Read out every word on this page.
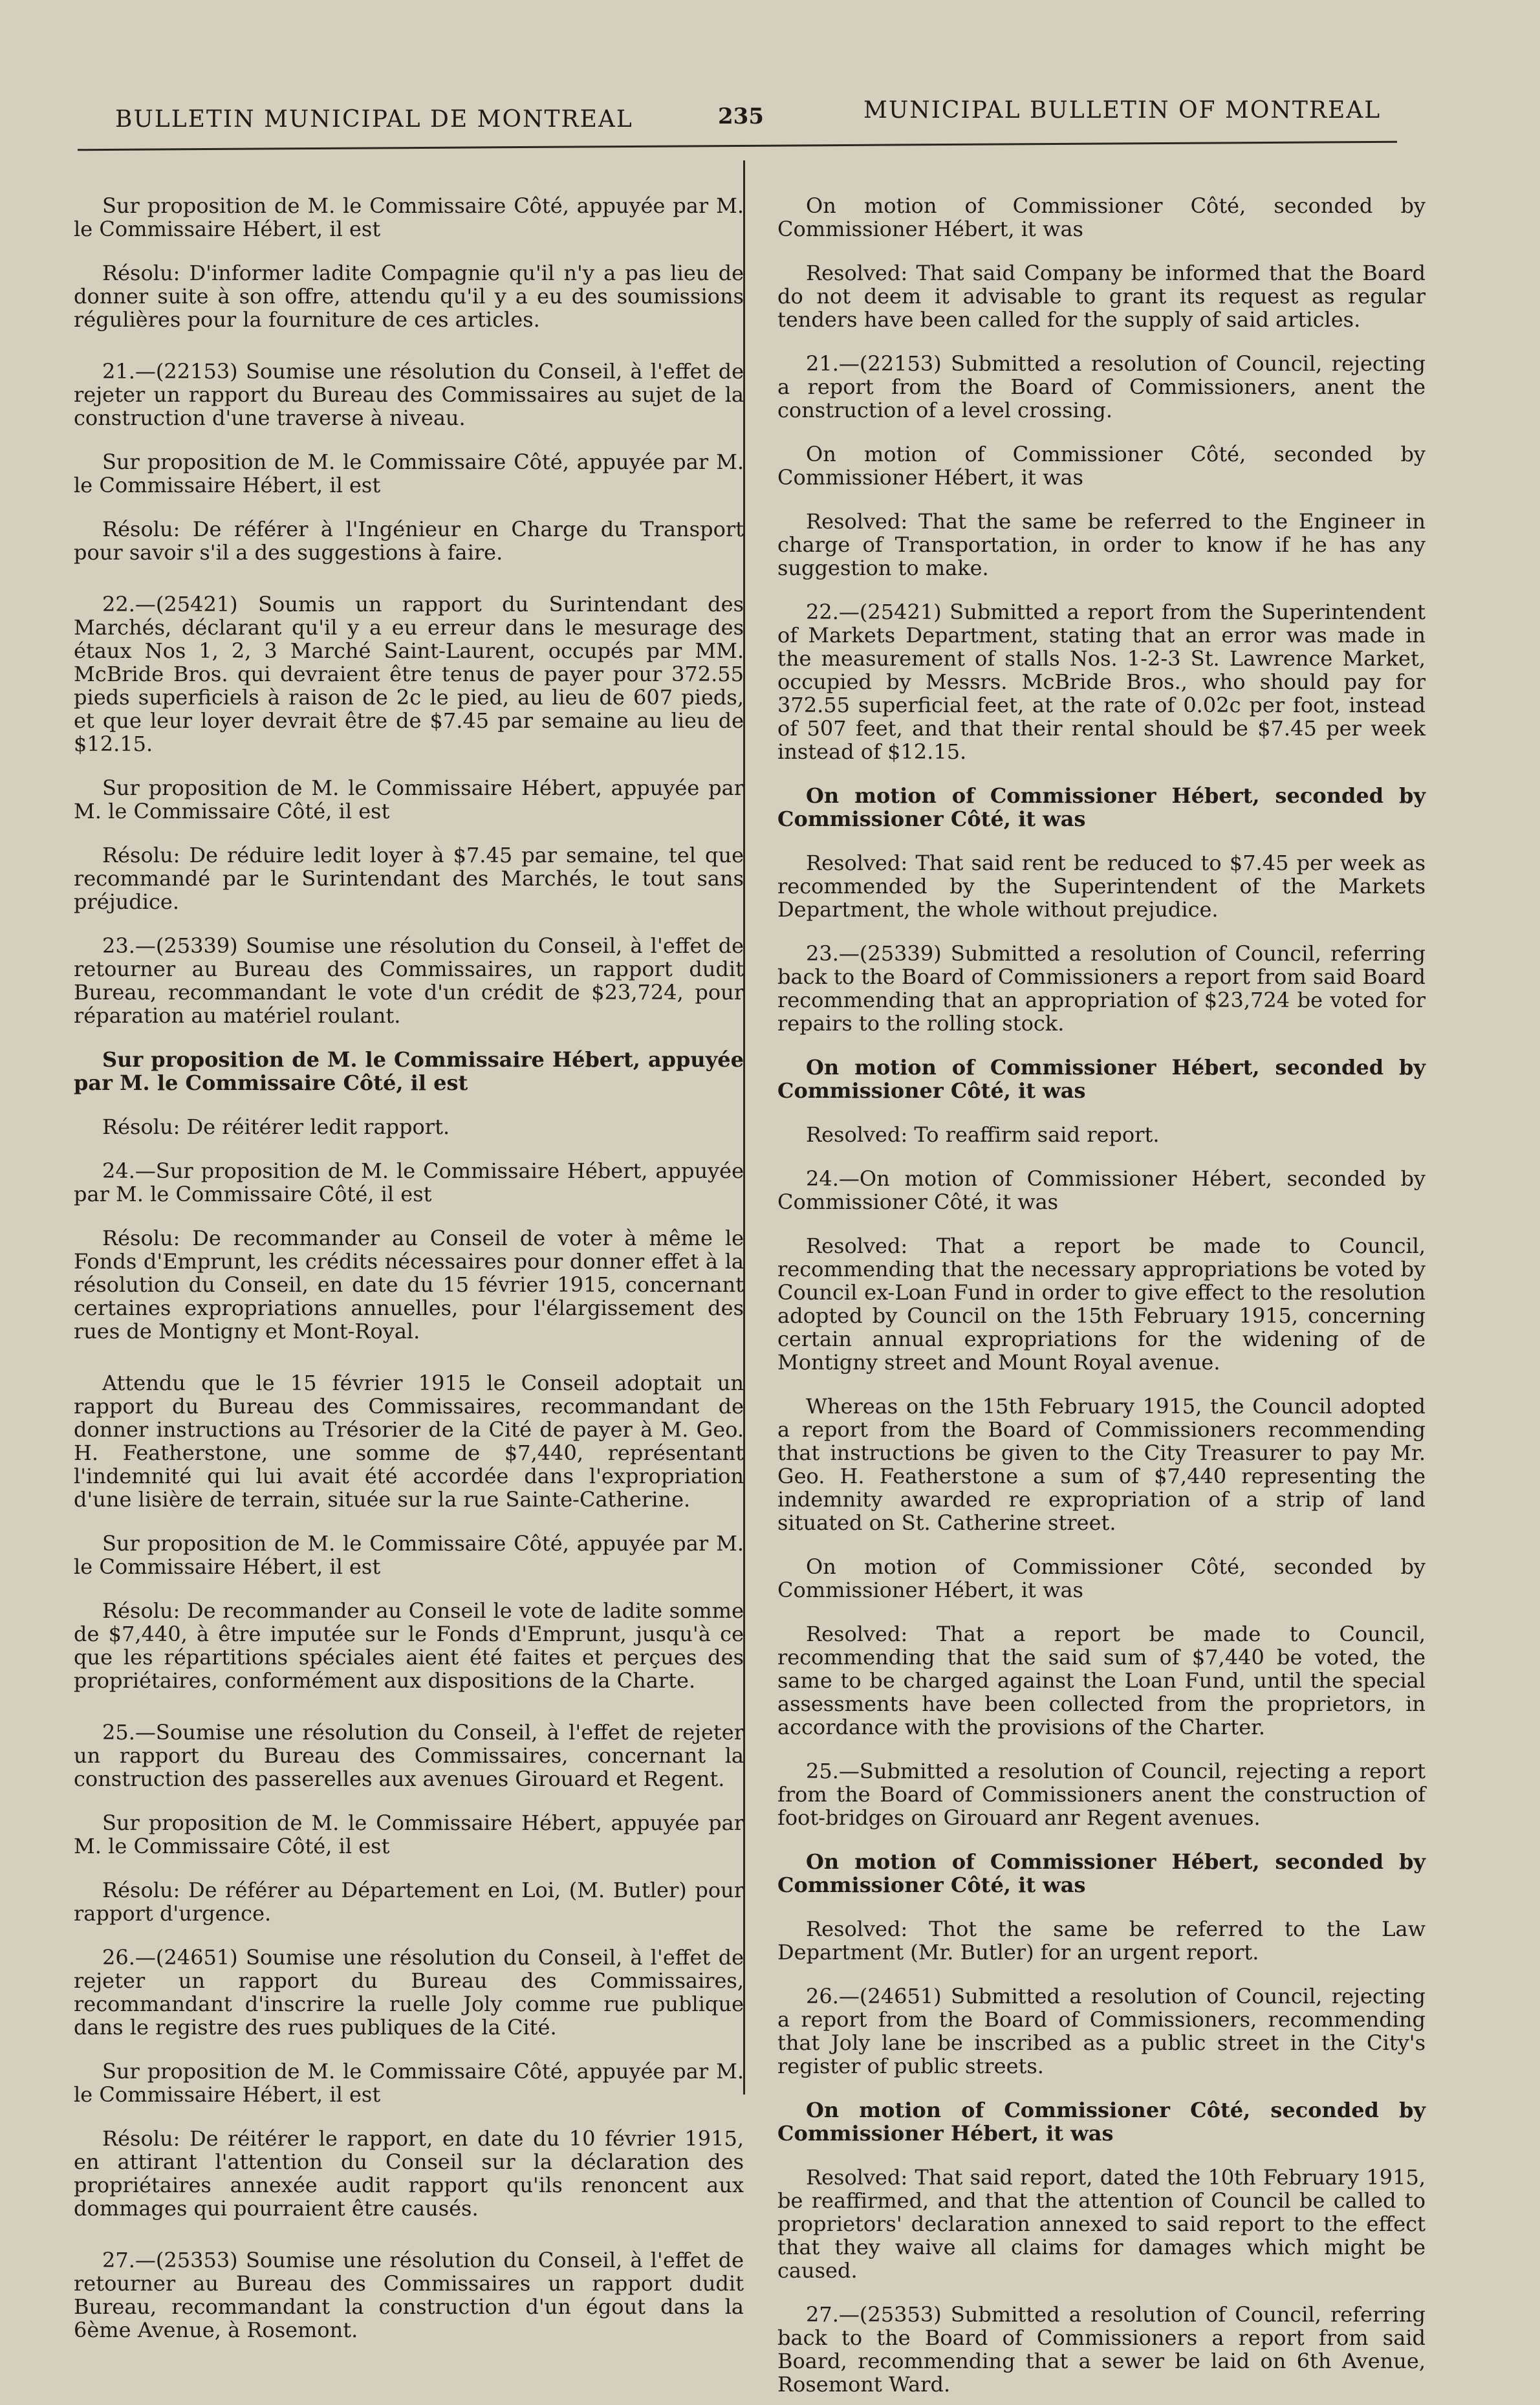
BULLETIN MUNICIPAL DE MONTREAL	235	MUNICIPAL BULLETIN OF MONTREAL

Sur proposition de M. le Commissaire Côté, appuyée par M. le Commissaire Hébert, il est

Résolu: D'informer ladite Compagnie qu'il n'y a pas lieu de donner suite à son offre, attendu qu'il y a eu des soumissions régulières pour la fourniture de ces articles.

21.—(22153) Soumise une résolution du Conseil, à l'effet de rejeter un rapport du Bureau des Commissaires au sujet de la construction d'une traverse à niveau.

Sur proposition de M. le Commissaire Côté, appuyée par M. le Commissaire Hébert, il est

Résolu: De référer à l'Ingénieur en Charge du Transport pour savoir s'il a des suggestions à faire.

22.—(25421) Soumis un rapport du Surintendant des Marchés, déclarant qu'il y a eu erreur dans le mesurage des étaux Nos 1, 2, 3 Marché Saint-Laurent, occupés par MM. McBride Bros. qui devraient être tenus de payer pour 372.55 pieds superficiels à raison de 2c le pied, au lieu de 607 pieds, et que leur loyer devrait être de $7.45 par semaine au lieu de $12.15.

Sur proposition de M. le Commissaire Hébert, appuyée par M. le Commissaire Côté, il est

Résolu: De réduire ledit loyer à $7.45 par semaine, tel que recommandé par le Surintendant des Marchés, le tout sans préjudice.

23.—(25339) Soumise une résolution du Conseil, à l'effet de retourner au Bureau des Commissaires, un rapport dudit Bureau, recommandant le vote d'un crédit de $23,724, pour réparation au matériel roulant.

Sur proposition de M. le Commissaire Hébert, appuyée par M. le Commissaire Côté, il est

Résolu: De réitérer ledit rapport.

24.—Sur proposition de M. le Commissaire Hébert, appuyée par M. le Commissaire Côté, il est

Résolu: De recommander au Conseil de voter à même le Fonds d'Emprunt, les crédits nécessaires pour donner effet à la résolution du Conseil, en date du 15 février 1915, concernant certaines expropriations annuelles, pour l'élargissement des rues de Montigny et Mont-Royal.

Attendu que le 15 février 1915 le Conseil adoptait un rapport du Bureau des Commissaires, recommandant de donner instructions au Trésorier de la Cité de payer à M. Geo. H. Featherstone, une somme de $7,440, représentant l'indemnité qui lui avait été accordée dans l'expropriation d'une lisière de terrain, située sur la rue Sainte-Catherine.

Sur proposition de M. le Commissaire Côté, appuyée par M. le Commissaire Hébert, il est

Résolu: De recommander au Conseil le vote de ladite somme de $7,440, à être imputée sur le Fonds d'Emprunt, jusqu'à ce que les répartitions spéciales aient été faites et perçues des propriétaires, conformément aux dispositions de la Charte.

25.—Soumise une résolution du Conseil, à l'effet de rejeter un rapport du Bureau des Commissaires, concernant la construction des passerelles aux avenues Girouard et Regent.

Sur proposition de M. le Commissaire Hébert, appuyée par M. le Commissaire Côté, il est

Résolu: De référer au Département en Loi, (M. Butler) pour rapport d'urgence.

26.—(24651) Soumise une résolution du Conseil, à l'effet de rejeter un rapport du Bureau des Commissaires, recommandant d'inscrire la ruelle Joly comme rue publique dans le registre des rues publiques de la Cité.

Sur proposition de M. le Commissaire Côté, appuyée par M. le Commissaire Hébert, il est

Résolu: De réitérer le rapport, en date du 10 février 1915, en attirant l'attention du Conseil sur la déclaration des propriétaires annexée audit rapport qu'ils renoncent aux dommages qui pourraient être causés.

27.—(25353) Soumise une résolution du Conseil, à l'effet de retourner au Bureau des Commissaires un rapport dudit Bureau, recommandant la construction d'un égout dans la 6ème Avenue, à Rosemont.

On motion of Commissioner Côté, seconded by Commissioner Hébert, it was

Resolved: That said Company be informed that the Board do not deem it advisable to grant its request as regular tenders have been called for the supply of said articles.

21.—(22153) Submitted a resolution of Council, rejecting a report from the Board of Commissioners, anent the construction of a level crossing.

On motion of Commissioner Côté, seconded by Commissioner Hébert, it was

Resolved: That the same be referred to the Engineer in charge of Transportation, in order to know if he has any suggestion to make.

22.—(25421) Submitted a report from the Superintendent of Markets Department, stating that an error was made in the measurement of stalls Nos. 1-2-3 St. Lawrence Market, occupied by Messrs. McBride Bros., who should pay for 372.55 superficial feet, at the rate of 0.02c per foot, instead of 507 feet, and that their rental should be $7.45 per week instead of $12.15.

On motion of Commissioner Hébert, seconded by Commissioner Côté, it was

Resolved: That said rent be reduced to $7.45 per week as recommended by the Superintendent of the Markets Department, the whole without prejudice.

23.—(25339) Submitted a resolution of Council, referring back to the Board of Commissioners a report from said Board recommending that an appropriation of $23,724 be voted for repairs to the rolling stock.

On motion of Commissioner Hébert, seconded by Commissioner Côté, it was

Resolved: To reaffirm said report.

24.—On motion of Commissioner Hébert, seconded by Commissioner Côté, it was

Resolved: That a report be made to Council, recommending that the necessary appropriations be voted by Council ex-Loan Fund in order to give effect to the resolution adopted by Council on the 15th February 1915, concerning certain annual expropriations for the widening of de Montigny street and Mount Royal avenue.

Whereas on the 15th February 1915, the Council adopted a report from the Board of Commissioners recommending that instructions be given to the City Treasurer to pay Mr. Geo. H. Featherstone a sum of $7,440 representing the indemnity awarded re expropriation of a strip of land situated on St. Catherine street.

On motion of Commissioner Côté, seconded by Commissioner Hébert, it was

Resolved: That a report be made to Council, recommending that the said sum of $7,440 be voted, the same to be charged against the Loan Fund, until the special assessments have been collected from the proprietors, in accordance with the provisions of the Charter.

25.—Submitted a resolution of Council, rejecting a report from the Board of Commissioners anent the construction of foot-bridges on Girouard anr Regent avenues.

On motion of Commissioner Hébert, seconded by Commissioner Côté, it was

Resolved: Thot the same be referred to the Law Department (Mr. Butler) for an urgent report.

26.—(24651) Submitted a resolution of Council, rejecting a report from the Board of Commissioners, recommending that Joly lane be inscribed as a public street in the City's register of public streets.

On motion of Commissioner Côté, seconded by Commissioner Hébert, it was

Resolved: That said report, dated the 10th February 1915, be reaffirmed, and that the attention of Council be called to proprietors' declaration annexed to said report to the effect that they waive all claims for damages which might be caused.

27.—(25353) Submitted a resolution of Council, referring back to the Board of Commissioners a report from said Board, recommending that a sewer be laid on 6th Avenue, Rosemont Ward.
